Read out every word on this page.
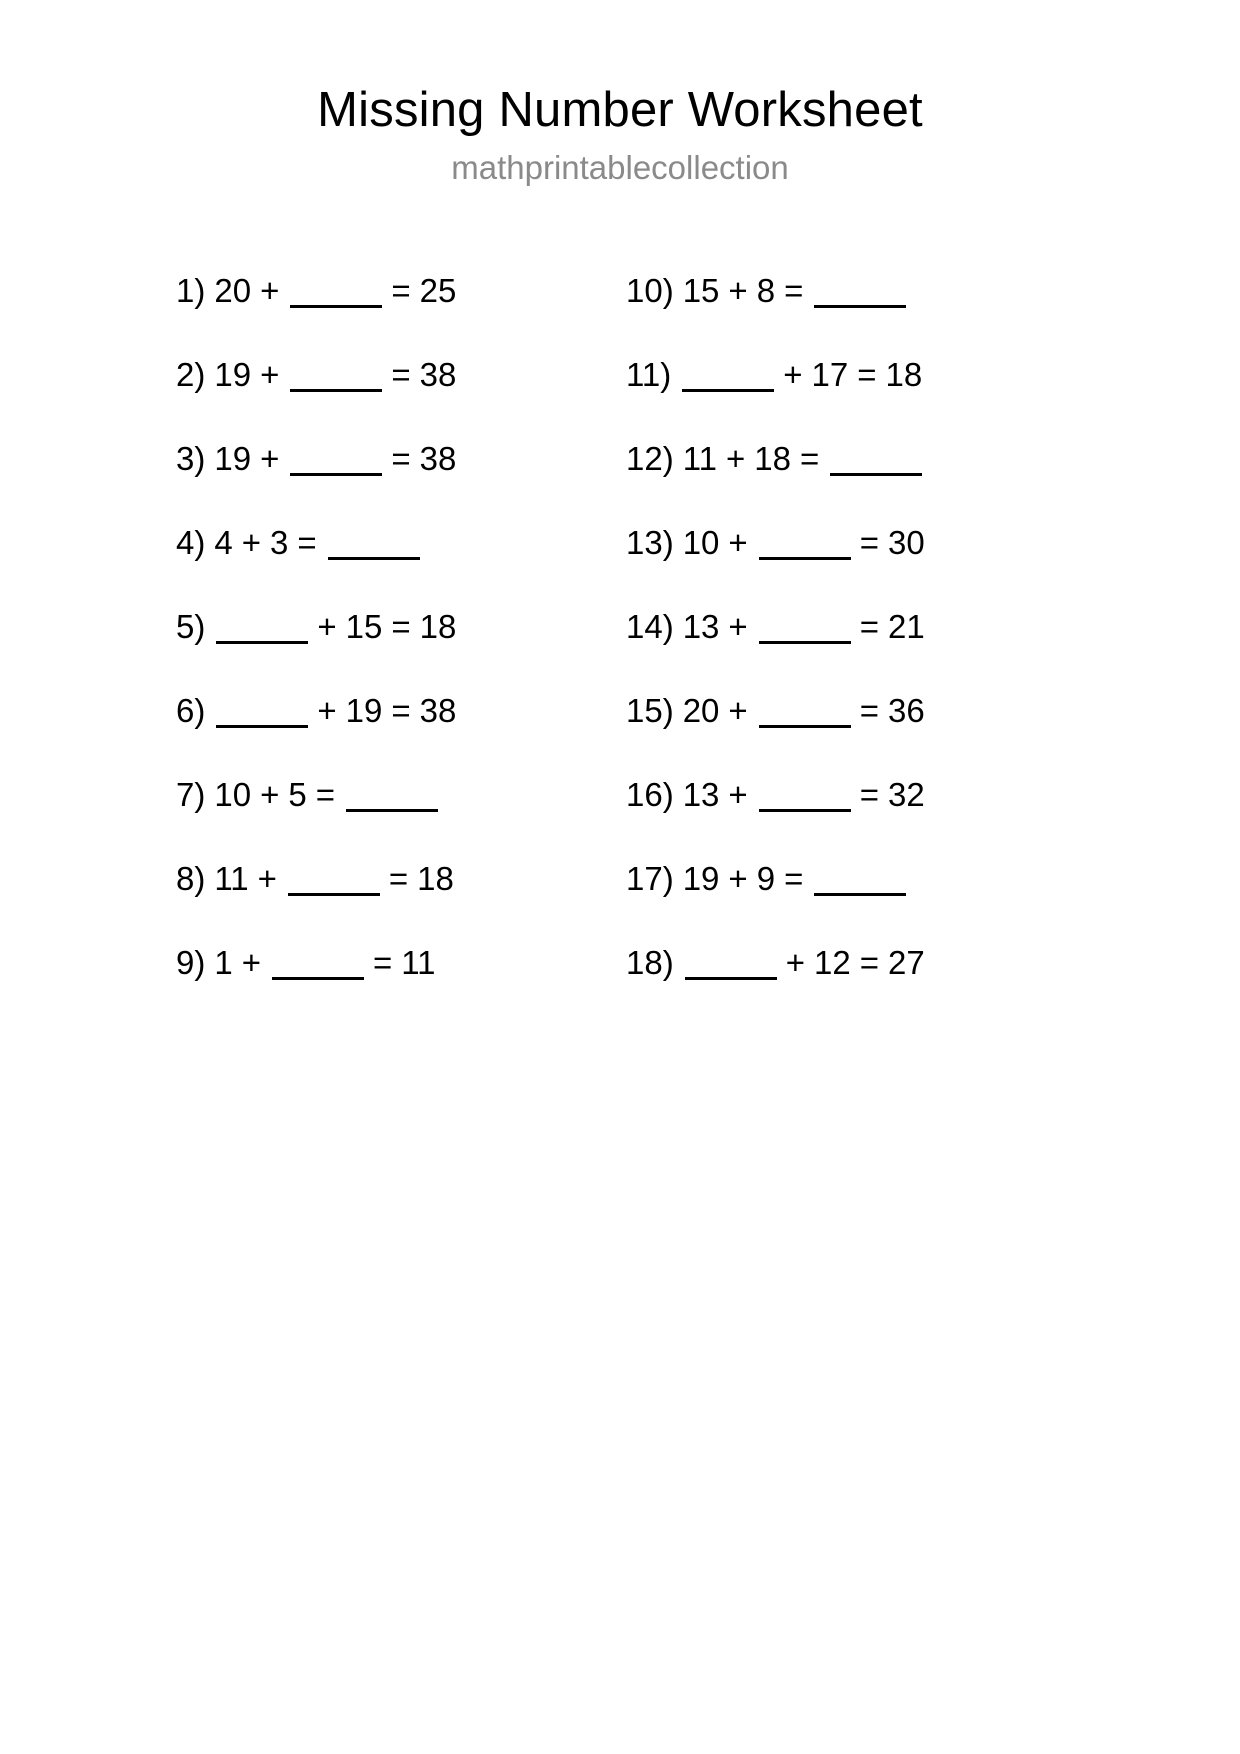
Missing Number Worksheet
mathprintablecollection
1) 20 +	= 25
2) 19 +	= 38
3) 19 +	= 38
4) 4 + 3 =
5)	+ 15 = 18
6)	+ 19 = 38
7) 10 + 5 =
8) 11 +	= 18
9) 1 +	= 11
10) 15 + 8 =
11)	+ 17 = 18
12) 11 + 18 =
13) 10 +	= 30
14) 13 +	= 21
15) 20 +	= 36
16) 13 +	= 32
17) 19 + 9 =
18)	+ 12 = 27
